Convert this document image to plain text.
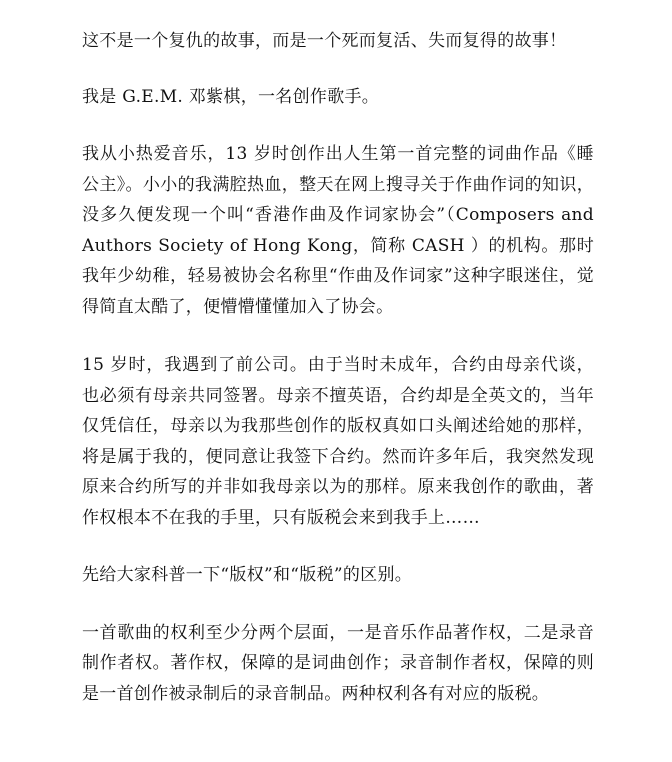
这不是一个复仇的故事，而是一个死而复活、失而复得的故事！

我是 G.E.M. 邓紫棋，一名创作歌手。

我从小热爱音乐，13 岁时创作出人生第一首完整的词曲作品《睡公主》。小小的我满腔热血，整天在网上搜寻关于作曲作词的知识，没多久便发现一个叫“香港作曲及作词家协会”（Composers and Authors Society of Hong Kong，简称 CASH ）的机构。那时我年少幼稚，轻易被协会名称里“作曲及作词家”这种字眼迷住，觉得简直太酷了，便懵懵懂懂加入了协会。

15 岁时，我遇到了前公司。由于当时未成年，合约由母亲代谈，也必须有母亲共同签署。母亲不擅英语，合约却是全英文的，当年仅凭信任，母亲以为我那些创作的版权真如口头阐述给她的那样，将是属于我的，便同意让我签下合约。然而许多年后，我突然发现原来合约所写的并非如我母亲以为的那样。原来我创作的歌曲，著作权根本不在我的手里，只有版税会来到我手上……

先给大家科普一下“版权”和“版税”的区别。

一首歌曲的权利至少分两个层面，一是音乐作品著作权，二是录音制作者权。著作权，保障的是词曲创作；录音制作者权，保障的则是一首创作被录制后的录音制品。两种权利各有对应的版税。
